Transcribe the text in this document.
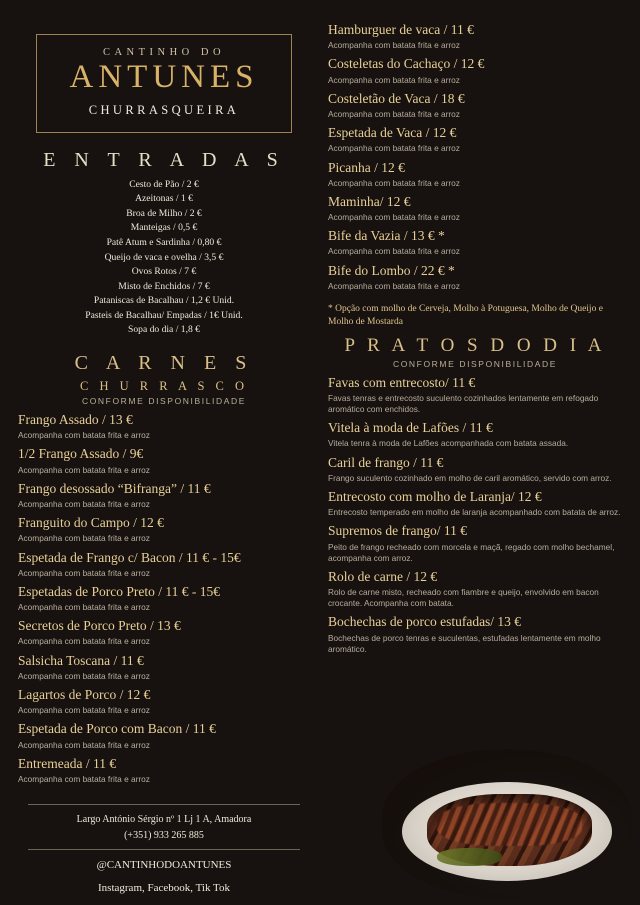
CANTINHO DO
ANTUNES
CHURRASQUEIRA
E N T R A D A S
Cesto de Pão / 2 €
Azeitonas / 1 €
Broa de Milho / 2 €
Manteigas / 0,5 €
Patê Atum e Sardinha / 0,80 €
Queijo de vaca e ovelha / 3,5 €
Ovos Rotos / 7 €
Misto de Enchidos / 7 €
Pataniscas de Bacalhau / 1,2 € Unid.
Pasteis de Bacalhau/ Empadas / 1€ Unid.
Sopa do dia / 1,8 €
C A R N E S
C H U R R A S C O
CONFORME DISPONIBILIDADE
Frango Assado / 13 €
Acompanha com batata frita e arroz
1/2 Frango Assado / 9€
Acompanha com batata frita e arroz
Frango desossado “Bifranga” / 11 €
Acompanha com batata frita e arroz
Franguito do Campo / 12 €
Acompanha com batata frita e arroz
Espetada de Frango c/ Bacon / 11 € - 15€
Acompanha com batata frita e arroz
Espetadas de Porco Preto / 11 € - 15€
Acompanha com batata frita e arroz
Secretos de Porco Preto / 13 €
Acompanha com batata frita e arroz
Salsicha Toscana / 11 €
Acompanha com batata frita e arroz
Lagartos de Porco / 12 €
Acompanha com batata frita e arroz
Espetada de Porco com Bacon / 11 €
Acompanha com batata frita e arroz
Entremeada / 11 €
Acompanha com batata frita e arroz
Largo António Sérgio nº 1 Lj 1 A, Amadora
(+351) 933 265 885
@CANTINHODOANTUNES
Instagram, Facebook, Tik Tok
Hamburguer de vaca / 11 €
Acompanha com batata frita e arroz
Costeletas do Cachaço / 12 €
Acompanha com batata frita e arroz
Costeletão de Vaca / 18 €
Acompanha com batata frita e arroz
Espetada de Vaca / 12 €
Acompanha com batata frita e arroz
Picanha / 12 €
Acompanha com batata frita e arroz
Maminha/ 12 €
Acompanha com batata frita e arroz
Bife da Vazia / 13 € *
Acompanha com batata frita e arroz
Bife do Lombo / 22 € *
Acompanha com batata frita e arroz
* Opção com molho de Cerveja, Molho à Potuguesa, Molho de Queijo e Molho de Mostarda
P R A T O S D O D I A
CONFORME DISPONIBILIDADE
Favas com entrecosto/ 11 €
Favas tenras e entrecosto suculento cozinhados lentamente em refogado aromático com enchidos.
Vitela à moda de Lafões / 11 €
Vitela tenra à moda de Lafões acompanhada com batata assada.
Caril de frango / 11 €
Frango suculento cozinhado em molho de caril aromático, servido com arroz.
Entrecosto com molho de Laranja/ 12 €
Entrecosto temperado em molho de laranja acompanhado com batata de arroz.
Supremos de frango/ 11 €
Peito de frango recheado com morcela e maçã, regado com molho bechamel, acompanha com arroz.
Rolo de carne / 12 €
Rolo de carne misto, recheado com fiambre e queijo, envolvido em bacon crocante. Acompanha com batata.
Bochechas de porco estufadas/ 13 €
Bochechas de porco tenras e suculentas, estufadas lentamente em molho aromático.
